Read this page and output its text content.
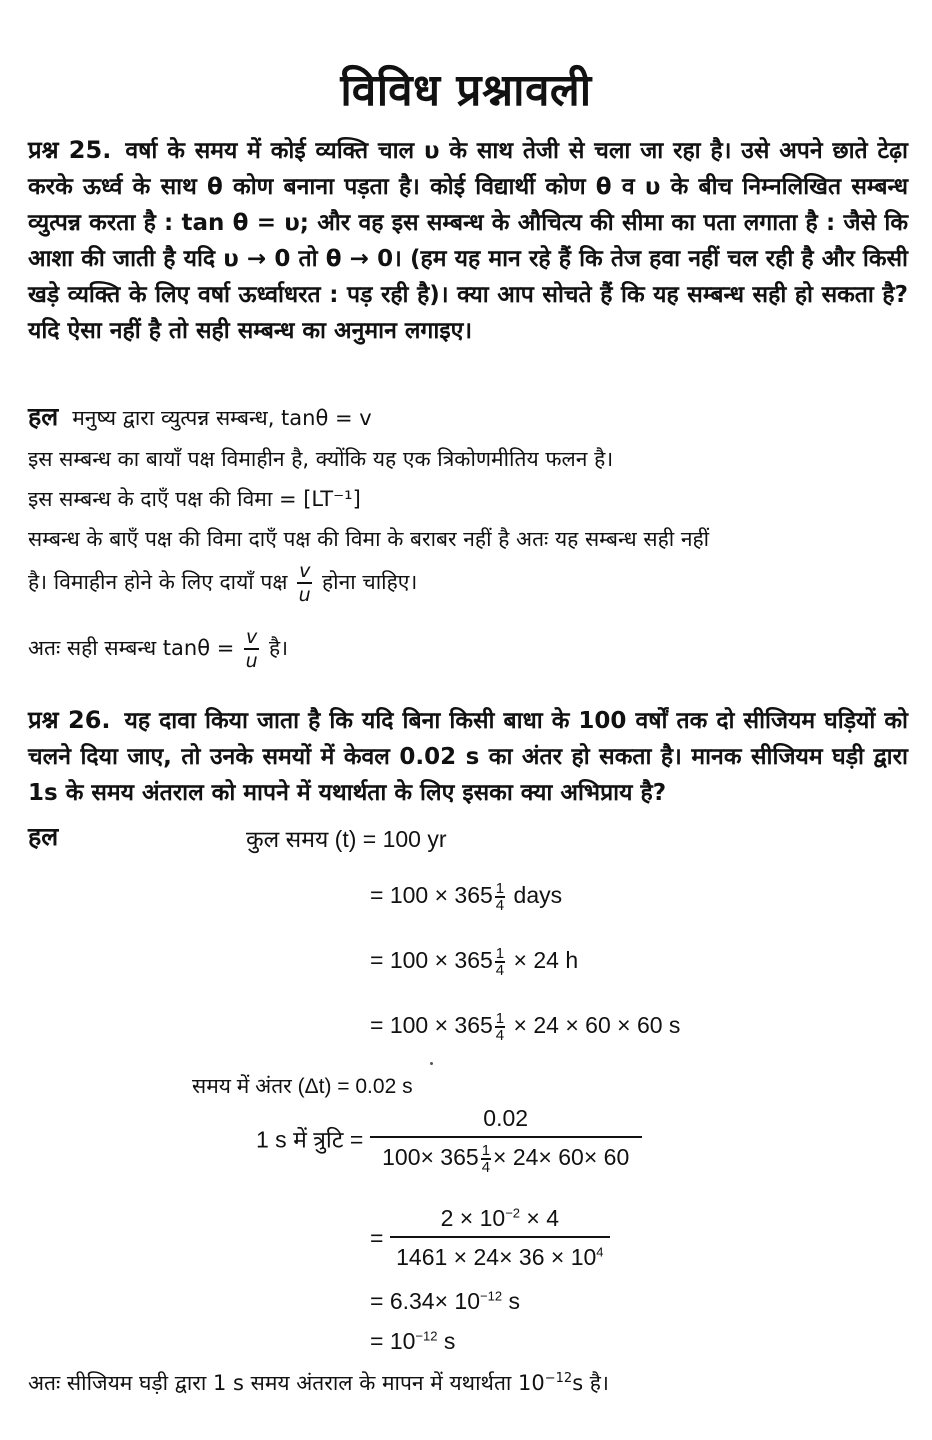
विविध प्रश्नावली
प्रश्न 25. वर्षा के समय में कोई व्यक्ति चाल υ के साथ तेजी से चला जा रहा है। उसे अपने छाते टेढ़ा करके ऊर्ध्व के साथ θ कोण बनाना पड़ता है। कोई विद्यार्थी कोण θ व υ के बीच निम्नलिखित सम्बन्ध व्युत्पन्न करता है : tan θ = υ; और वह इस सम्बन्ध के औचित्य की सीमा का पता लगाता है : जैसे कि आशा की जाती है यदि υ → 0 तो θ → 0। (हम यह मान रहे हैं कि तेज हवा नहीं चल रही है और किसी खड़े व्यक्ति के लिए वर्षा ऊर्ध्वाधरत : पड़ रही है)। क्या आप सोचते हैं कि यह सम्बन्ध सही हो सकता है? यदि ऐसा नहीं है तो सही सम्बन्ध का अनुमान लगाइए।
हल मनुष्य द्वारा व्युत्पन्न सम्बन्ध, tanθ = v
इस सम्बन्ध का बायाँ पक्ष विमाहीन है, क्योंकि यह एक त्रिकोणमीतिय फलन है।
इस सम्बन्ध के दाएँ पक्ष की विमा = [LT⁻¹]
सम्बन्ध के बाएँ पक्ष की विमा दाएँ पक्ष की विमा के बराबर नहीं है अतः यह सम्बन्ध सही नहीं
है। विमाहीन होने के लिए दायाँ पक्ष $\frac{v}{u}$ होना चाहिए।
अतः सही सम्बन्ध $\tan\theta = \frac{v}{u}$ है।
प्रश्न 26. यह दावा किया जाता है कि यदि बिना किसी बाधा के 100 वर्षों तक दो सीजियम घड़ियों को चलने दिया जाए, तो उनके समयों में केवल 0.02 s का अंतर हो सकता है। मानक सीजियम घड़ी द्वारा 1s के समय अंतराल को मापने में यथार्थता के लिए इसका क्या अभिप्राय है?
हल	कुल समय (t) = 100 yr
= $100 \times 365 \frac{1}{4}$ days
= $100 \times 365 \frac{1}{4} \times 24$ h
= $100 \times 365 \frac{1}{4} \times 24 \times 60 \times 60$ s
समय में अंतर (Δt) = 0.02 s
1 s में त्रुटि = $\frac{0.02}{100\times 365 \frac{1}{4} \times 24\times 60\times 60}$
= $\frac{2 \times 10^{-2} \times 4}{1461 \times 24\times 36 \times 10^4}$
= $6.34\times 10^{-12}$ s
= $10^{-12}$ s
अतः सीजियम घड़ी द्वारा 1 s समय अंतराल के मापन में यथार्थता $10^{-12}s$ है।
